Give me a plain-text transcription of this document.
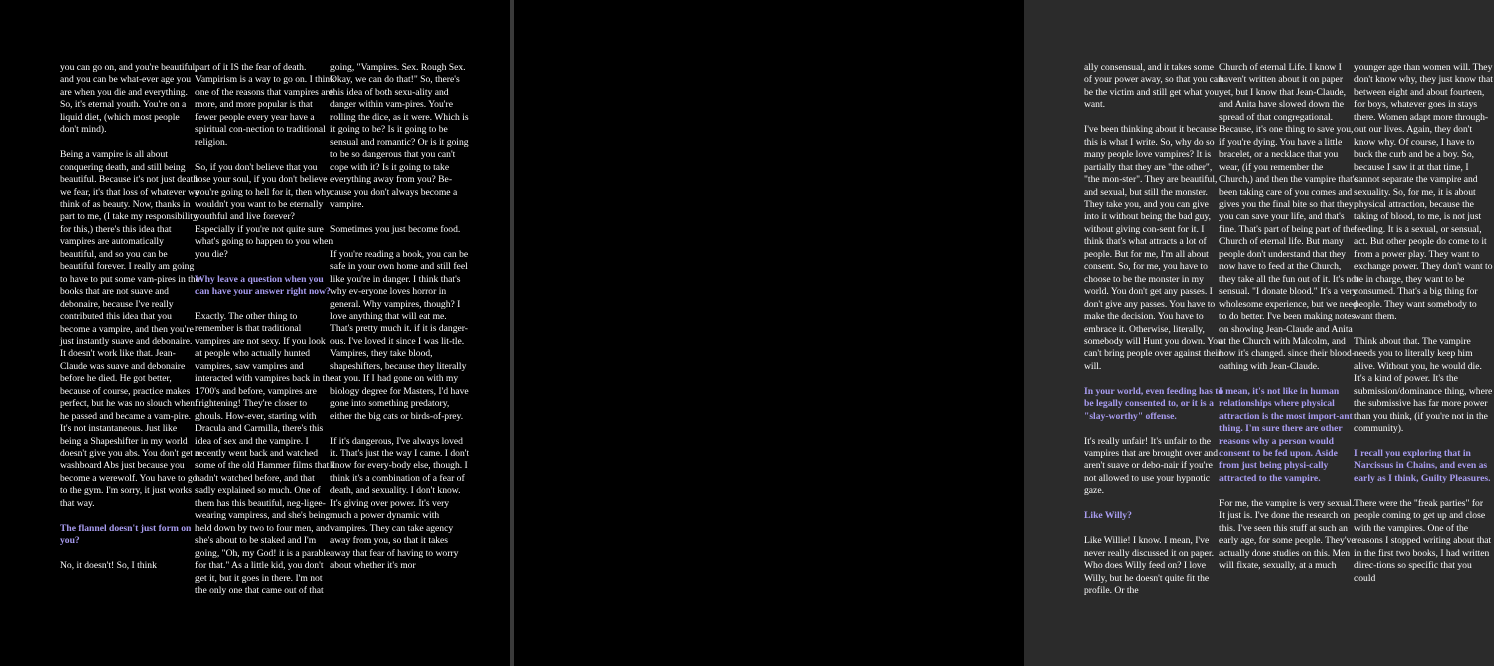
you can go on, and you're beautiful, and you can be what-ever age you are when you die and everything. So, it's eternal youth. You're on a liquid diet, (which most people don't mind).

Being a vampire is all about conquering death, and still being beautiful. Because it's not just death we fear, it's that loss of whatever we think of as beauty. Now, thanks in part to me, (I take my responsibility for this,) there's this idea that vampires are automatically beautiful, and so you can be beautiful forever. I really am going to have to put some vam-pires in the books that are not suave and debonaire, because I've really contributed this idea that you become a vampire, and then you're just instantly suave and debonaire. It doesn't work like that. Jean-Claude was suave and debonaire before he died. He got better, because of course, practice makes perfect, but he was no slouch when he passed and became a vam-pire. It's not instantaneous. Just like being a Shapeshifter in my world doesn't give you abs. You don't get a washboard Abs just because you become a werewolf. You have to go to the gym. I'm sorry, it just works that way.

The flannel doesn't just form on you?

No, it doesn't! So, I think

part of it IS the fear of death. Vampirism is a way to go on. I think one of the reasons that vampires are more, and more popular is that fewer people every year have a spiritual con-nection to traditional religion.

So, if you don't believe that you lose your soul, if you don't believe you're going to hell for it, then why wouldn't you want to be eternally youthful and live forever? Especially if you're not quite sure what's going to happen to you when you die?

Why leave a question when you can have your answer right now?

Exactly. The other thing to remember is that traditional vampires are not sexy. If you look at people who actually hunted vampires, saw vampires and interacted with vampires back in the 1700's and before, vampires are frightening! They're closer to ghouls. How-ever, starting with Dracula and Carmilla, there's this idea of sex and the vampire. I recently went back and watched some of the old Hammer films that I hadn't watched before, and that sadly explained so much. One of them has this beautiful, neg-ligee-wearing vampiress, and she's being held down by two to four men, and she's about to be staked and I'm going, "Oh, my God! it is a parable for that." As a little kid, you don't get it, but it goes in there. I'm not the only one that came out of that

going, "Vampires. Sex. Rough Sex. Okay, we can do that!" So, there's this idea of both sexu-ality and danger within vam-pires. You're rolling the dice, as it were. Which is it going to be? Is it going to be sensual and romantic? Or is it going to be so dangerous that you can't cope with it? Is it going to take everything away from you? Be-cause you don't always become a vampire.

Sometimes you just become food.

If you're reading a book, you can be safe in your own home and still feel like you're in danger. I think that's why ev-eryone loves horror in general. Why vampires, though? I love anything that will eat me. That's pretty much it. if it is danger-ous. I've loved it since I was lit-tle. Vampires, they take blood, shapeshifters, because they literally eat you. If I had gone on with my biology degree for Masters, I'd have gone into something predatory, either the big cats or birds-of-prey.

If it's dangerous, I've always loved it. That's just the way I came. I don't know for every-body else, though. I think it's a combination of a fear of death, and sexuality. I don't know. It's giving over power. It's very much a power dynamic with vampires. They can take agency away from you, so that it takes away that fear of having to worry about whether it's mor

ally consensual, and it takes some of your power away, so that you can be the victim and still get what you want.

I've been thinking about it because this is what I write. So, why do so many people love vampires? It is partially that they are "the other", "the mon-ster". They are beautiful, and sexual, but still the monster. They take you, and you can give into it without being the bad guy, without giving con-sent for it. I think that's what attracts a lot of people. But for me, I'm all about consent. So, for me, you have to choose to be the monster in my world. You don't get any passes. I don't give any passes. You have to make the decision. You have to embrace it. Otherwise, literally, somebody will Hunt you down. You can't bring people over against their will.

In your world, even feeding has to be legally consented to, or it is a "slay-worthy" offense.

It's really unfair! It's unfair to the vampires that are brought over and aren't suave or debo-nair if you're not allowed to use your hypnotic gaze.

Like Willy?

Like Willie! I know. I mean, I've never really discussed it on paper. Who does Willy feed on? I love Willy, but he doesn't quite fit the profile. Or the

Church of eternal Life. I know I haven't written about it on paper yet, but I know that Jean-Claude, and Anita have slowed down the spread of that congregational. Because, it's one thing to save you, if you're dying. You have a little bracelet, or a necklace that you wear, (if you remember the Church,) and then the vampire that's been taking care of you comes and gives you the final bite so that they you can save your life, and that's fine. That's part of being part of the Church of eternal life. But many people don't understand that they now have to feed at the Church, they take all the fun out of it. It's not sensual. "I donate blood." It's a very wholesome experience, but we need to do better. I've been making notes on showing Jean-Claude and Anita at the Church with Malcolm, and how it's changed. since their blood-oathing with Jean-Claude.

I mean, it's not like in human relationships where physical attraction is the most import-ant thing. I'm sure there are other reasons why a person would consent to be fed upon. Aside from just being physi-cally attracted to the vampire.

For me, the vampire is very sexual. It just is. I've done the research on this. I've seen this stuff at such an early age, for some people. They've actually done studies on this. Men will fixate, sexually, at a much

younger age than women will. They don't know why, they just know that between eight and about fourteen, for boys, whatever goes in stays there. Women adapt more through-out our lives. Again, they don't know why. Of course, I have to buck the curb and be a boy. So, because I saw it at that time, I cannot separate the vampire and sexuality. So, for me, it is about physical attraction, because the taking of blood, to me, is not just feeding. It is a sexual, or sensual, act. But other people do come to it from a power play. They want to exchange power. They don't want to be in charge, they want to be consumed. That's a big thing for people. They want somebody to want them.

Think about that. The vampire needs you to literally keep him alive. Without you, he would die. It's a kind of power. It's the submission/dominance thing, where the submissive has far more power than you think, (if you're not in the community).

I recall you exploring that in Narcissus in Chains, and even as early as I think, Guilty Pleasures.

There were the "freak parties" for people coming to get up and close with the vampires. One of the reasons I stopped writing about that in the first two books, I had written direc-tions so specific that you could
